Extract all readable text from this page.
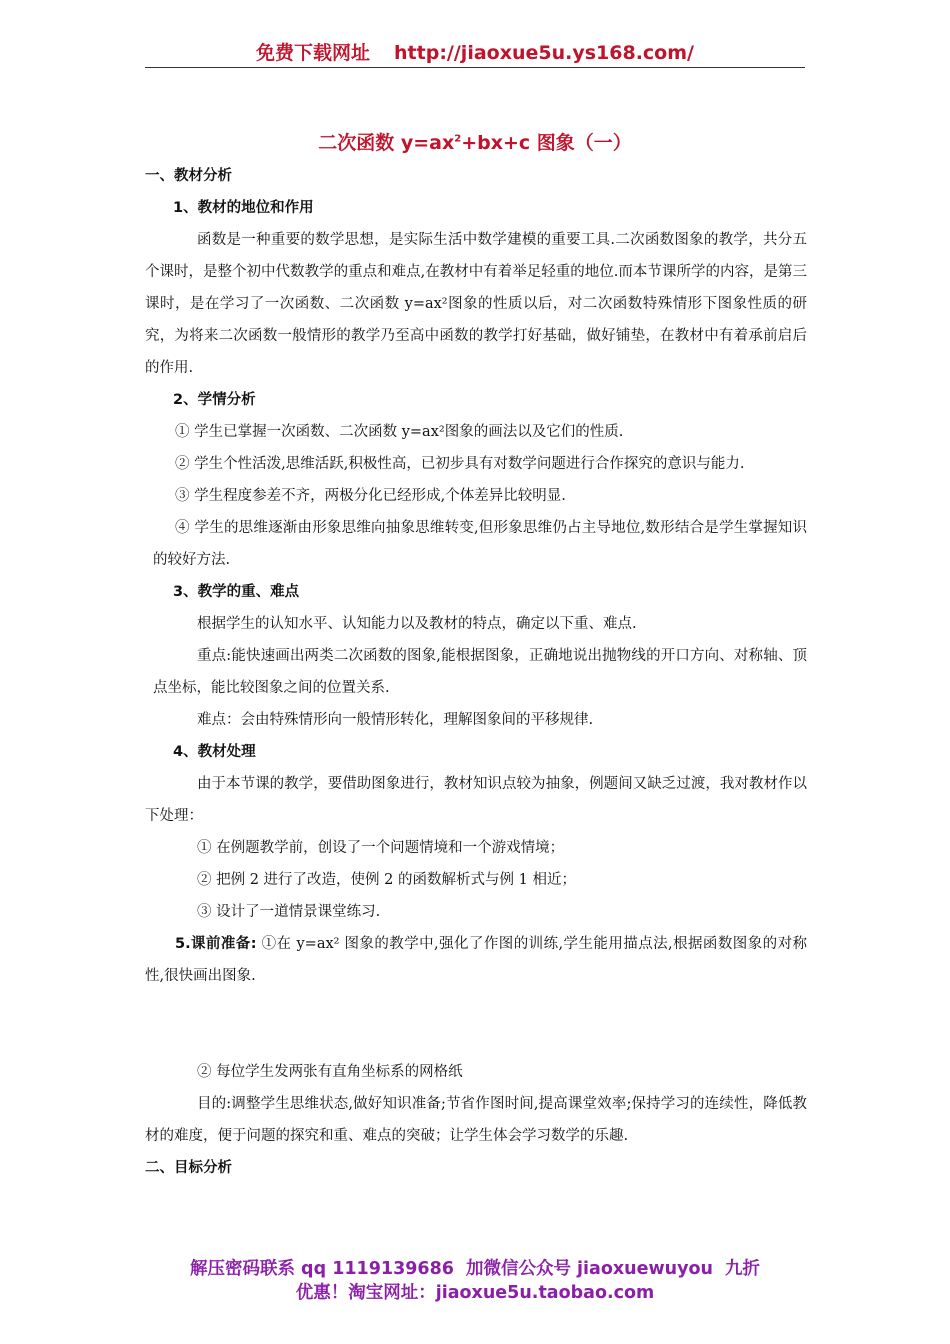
免费下载网址 http://jiaoxue5u.ys168.com/
二次函数 $y=ax^2+bx+c$ 图象（一）

一、教材分析

1、教材的地位和作用

函数是一种重要的数学思想，是实际生活中数学建模的重要工具.二次函数图象的教学，共分五个课时，是整个初中代数教学的重点和难点,在教材中有着举足轻重的地位.而本节课所学的内容，是第三课时，是在学习了一次函数、二次函数 y=ax²图象的性质以后，对二次函数特殊情形下图象性质的研究，为将来二次函数一般情形的教学乃至高中函数的教学打好基础，做好铺垫，在教材中有着承前启后的作用.

2、学情分析

① 学生已掌握一次函数、二次函数 y=ax²图象的画法以及它们的性质.

② 学生个性活泼,思维活跃,积极性高，已初步具有对数学问题进行合作探究的意识与能力.

③ 学生程度参差不齐，两极分化已经形成,个体差异比较明显.

④ 学生的思维逐渐由形象思维向抽象思维转变,但形象思维仍占主导地位,数形结合是学生掌握知识的较好方法.

3、教学的重、难点

根据学生的认知水平、认知能力以及教材的特点，确定以下重、难点.

重点:能快速画出两类二次函数的图象,能根据图象，正确地说出抛物线的开口方向、对称轴、顶点坐标，能比较图象之间的位置关系.

难点：会由特殊情形向一般情形转化，理解图象间的平移规律.

4、教材处理

由于本节课的教学，要借助图象进行，教材知识点较为抽象，例题间又缺乏过渡，我对教材作以下处理：

① 在例题教学前，创设了一个问题情境和一个游戏情境；

② 把例 2 进行了改造，使例 2 的函数解析式与例 1 相近；

③ 设计了一道情景课堂练习.

5.课前准备: ①在 y=ax² 图象的教学中,强化了作图的训练,学生能用描点法,根据函数图象的对称性,很快画出图象.

② 每位学生发两张有直角坐标系的网格纸

目的:调整学生思维状态,做好知识准备;节省作图时间,提高课堂效率;保持学习的连续性，降低教材的难度，便于问题的探究和重、难点的突破；让学生体会学习数学的乐趣.

二、目标分析

解压密码联系 qq 1119139686 加微信公众号 jiaoxuewuyou 九折
优惠！淘宝网址：jiaoxue5u.taobao.com
